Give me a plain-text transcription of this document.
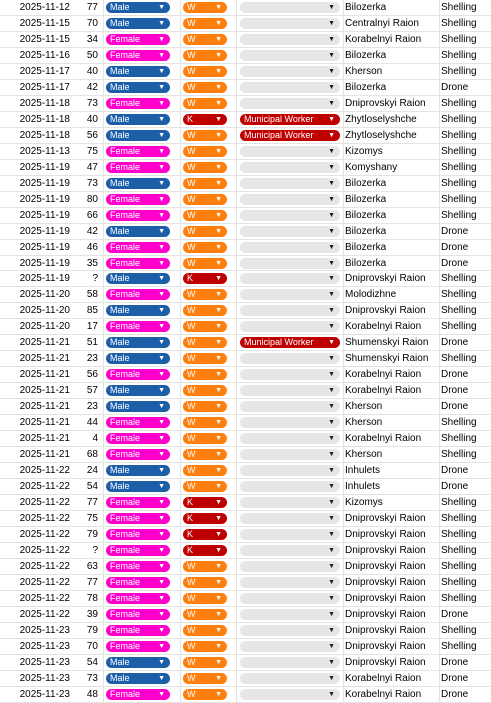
2025-11-12	77	Male	▼	W	▼	▼ Bilozerka	Shelling
2025-11-15	70	Male	▼	W	▼	▼ Centralnyi Raion	Shelling
2025-11-15	34	Female	▼	W	▼	▼ Korabelnyi Raion	Shelling
2025-11-16	50	Female	▼	W	▼	▼ Bilozerka	Shelling
2025-11-17	40	Male	▼	W	▼	▼ Kherson	Shelling
2025-11-17	42	Male	▼	W	▼	▼ Bilozerka	Drone
2025-11-18	73	Female	▼	W	▼	▼ Dniprovskyi Raion	Shelling
2025-11-18	40	Male	▼	K	▼	Municipal Worker ▼ Zhytloselyshche	Shelling
2025-11-18	56	Male	▼	W	▼	Municipal Worker ▼ Zhytloselyshche	Shelling
2025-11-13	75	Female	▼	W	▼	▼ Kizomys	Shelling
2025-11-19	47	Female	▼	W	▼	▼ Komyshany	Shelling
2025-11-19	73	Male	▼	W	▼	▼ Bilozerka	Shelling
2025-11-19	80	Female	▼	W	▼	▼ Bilozerka	Shelling
2025-11-19	66	Female	▼	W	▼	▼ Bilozerka	Shelling
2025-11-19	42	Male	▼	W	▼	▼ Bilozerka	Drone
2025-11-19	46	Female	▼	W	▼	▼ Bilozerka	Drone
2025-11-19	35	Female	▼	W	▼	▼ Bilozerka	Drone
2025-11-19	?	Male	▼	K	▼	▼ Dniprovskyi Raion	Shelling
2025-11-20	58	Female	▼	W	▼	▼ Molodizhne	Shelling
2025-11-20	85	Male	▼	W	▼	▼ Dniprovskyi Raion	Shelling
2025-11-20	17	Female	▼	W	▼	▼ Korabelnyi Raion	Shelling
2025-11-21	51	Male	▼	W	▼	Municipal Worker ▼ Shumenskyi Raion	Drone
2025-11-21	23	Male	▼	W	▼	▼ Shumenskyi Raion	Shelling
2025-11-21	56	Female	▼	W	▼	▼ Korabelnyi Raion	Drone
2025-11-21	57	Male	▼	W	▼	▼ Korabelnyi Raion	Drone
2025-11-21	23	Male	▼	W	▼	▼ Kherson	Drone
2025-11-21	44	Female	▼	W	▼	▼ Kherson	Shelling
2025-11-21	4	Female	▼	W	▼	▼ Korabelnyi Raion	Shelling
2025-11-21	68	Female	▼	W	▼	▼ Kherson	Shelling
2025-11-22	24	Male	▼	W	▼	▼ Inhulets	Drone
2025-11-22	54	Male	▼	W	▼	▼ Inhulets	Drone
2025-11-22	77	Female	▼	K	▼	▼ Kizomys	Shelling
2025-11-22	75	Female	▼	K	▼	▼ Dniprovskyi Raion	Shelling
2025-11-22	79	Female	▼	K	▼	▼ Dniprovskyi Raion	Shelling
2025-11-22	?	Female	▼	K	▼	▼ Dniprovskyi Raion	Shelling
2025-11-22	63	Female	▼	W	▼	▼ Dniprovskyi Raion	Shelling
2025-11-22	77	Female	▼	W	▼	▼ Dniprovskyi Raion	Shelling
2025-11-22	78	Female	▼	W	▼	▼ Dniprovskyi Raion	Shelling
2025-11-22	39	Female	▼	W	▼	▼ Dniprovskyi Raion	Drone
2025-11-23	79	Female	▼	W	▼	▼ Dniprovskyi Raion	Shelling
2025-11-23	70	Female	▼	W	▼	▼ Dniprovskyi Raion	Shelling
2025-11-23	54	Male	▼	W	▼	▼ Dniprovskyi Raion	Drone
2025-11-23	73	Male	▼	W	▼	▼ Korabelnyi Raion	Drone
2025-11-23	48	Female	▼	W	▼	▼ Korabelnyi Raion	Drone
